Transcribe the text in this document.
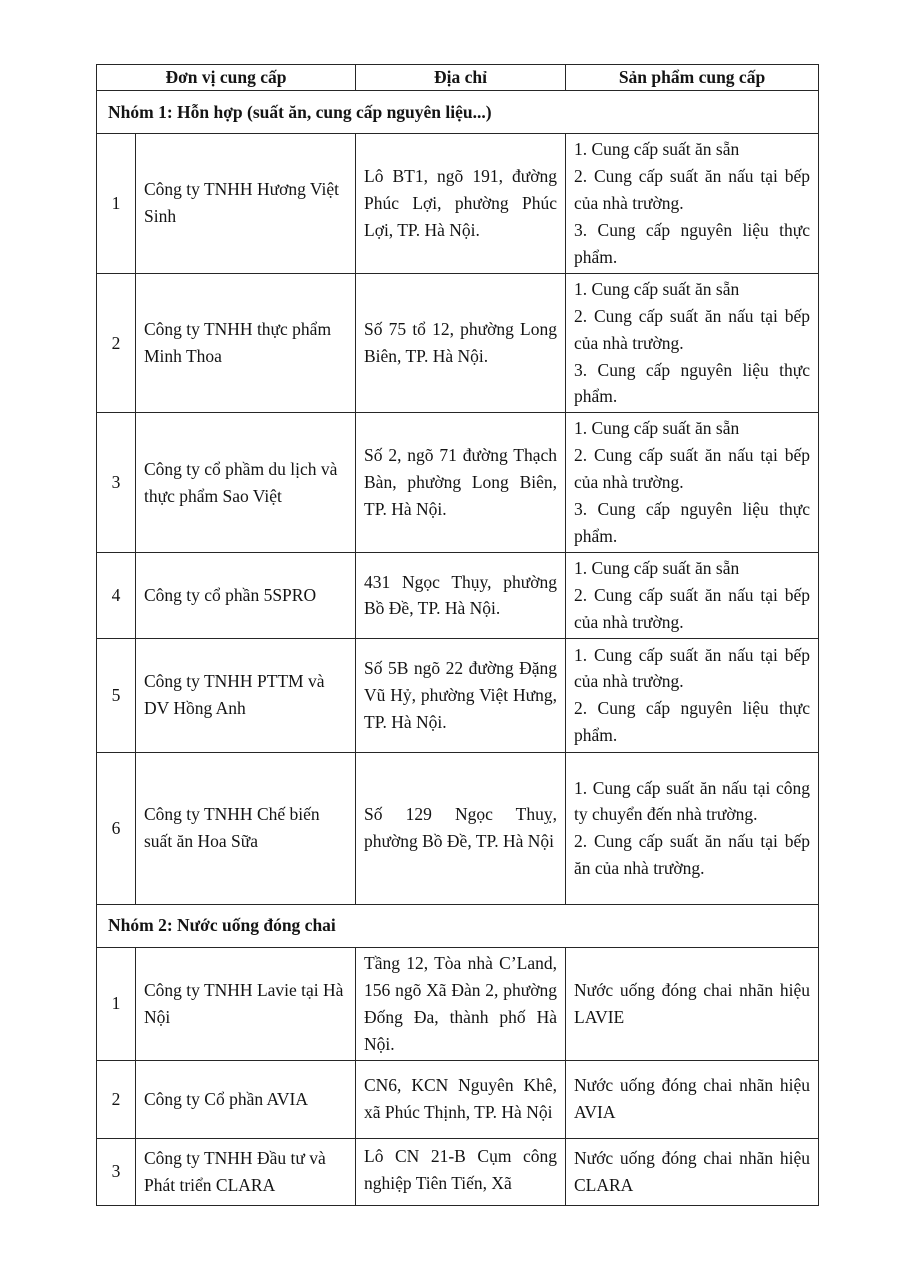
Đơn vị cung cấp		Địa chỉ	Sản phẩm cung cấp
Nhóm 1: Hỗn hợp (suất ăn, cung cấp nguyên liệu...)			
1	Công ty TNHH Hương Việt Sinh	Lô BT1, ngõ 191, đường Phúc Lợi, phường Phúc Lợi, TP. Hà Nội.	1. Cung cấp suất ăn sẵn
2. Cung cấp suất ăn nấu tại bếp của nhà trường.
3. Cung cấp nguyên liệu thực phẩm.

2	Công ty TNHH thực phẩm Minh Thoa	Số 75 tổ 12, phường Long Biên, TP. Hà Nội.	1. Cung cấp suất ăn sẵn
2. Cung cấp suất ăn nấu tại bếp của nhà trường.
3. Cung cấp nguyên liệu thực phẩm.

3	Công ty cổ phầm du lịch và thực phẩm Sao Việt	Số 2, ngõ 71 đường Thạch Bàn, phường Long Biên, TP. Hà Nội.	1. Cung cấp suất ăn sẵn
2. Cung cấp suất ăn nấu tại bếp của nhà trường.
3. Cung cấp nguyên liệu thực phẩm.

4	Công ty cổ phần 5SPRO	431 Ngọc Thụy, phường Bồ Đề, TP. Hà Nội.	1. Cung cấp suất ăn sẵn
2. Cung cấp suất ăn nấu tại bếp của nhà trường.

5	Công ty TNHH PTTM và DV Hồng Anh	Số 5B ngõ 22 đường Đặng Vũ Hỷ, phường Việt Hưng, TP. Hà Nội.	1. Cung cấp suất ăn nấu tại bếp của nhà trường.
2. Cung cấp nguyên liệu thực phẩm.

6	Công ty TNHH Chế biến suất ăn Hoa Sữa	Số 129 Ngọc Thuỵ, phường Bồ Đề, TP. Hà Nội	1. Cung cấp suất ăn nấu tại công ty chuyển đến nhà trường.
2. Cung cấp suất ăn nấu tại bếp ăn của nhà trường.

Nhóm 2: Nước uống đóng chai			
1	Công ty TNHH Lavie tại Hà Nội	Tầng 12, Tòa nhà C’Land, 156 ngõ Xã Đàn 2, phường Đống Đa, thành phố Hà Nội.	Nước uống đóng chai nhãn hiệu LAVIE

2	Công ty Cổ phần AVIA	CN6, KCN Nguyên Khê, xã Phúc Thịnh, TP. Hà Nội	Nước uống đóng chai nhãn hiệu AVIA

3	Công ty TNHH Đầu tư và Phát triển CLARA	Lô CN 21-B Cụm công nghiệp Tiên Tiến, Xã	Nước uống đóng chai nhãn hiệu CLARA
